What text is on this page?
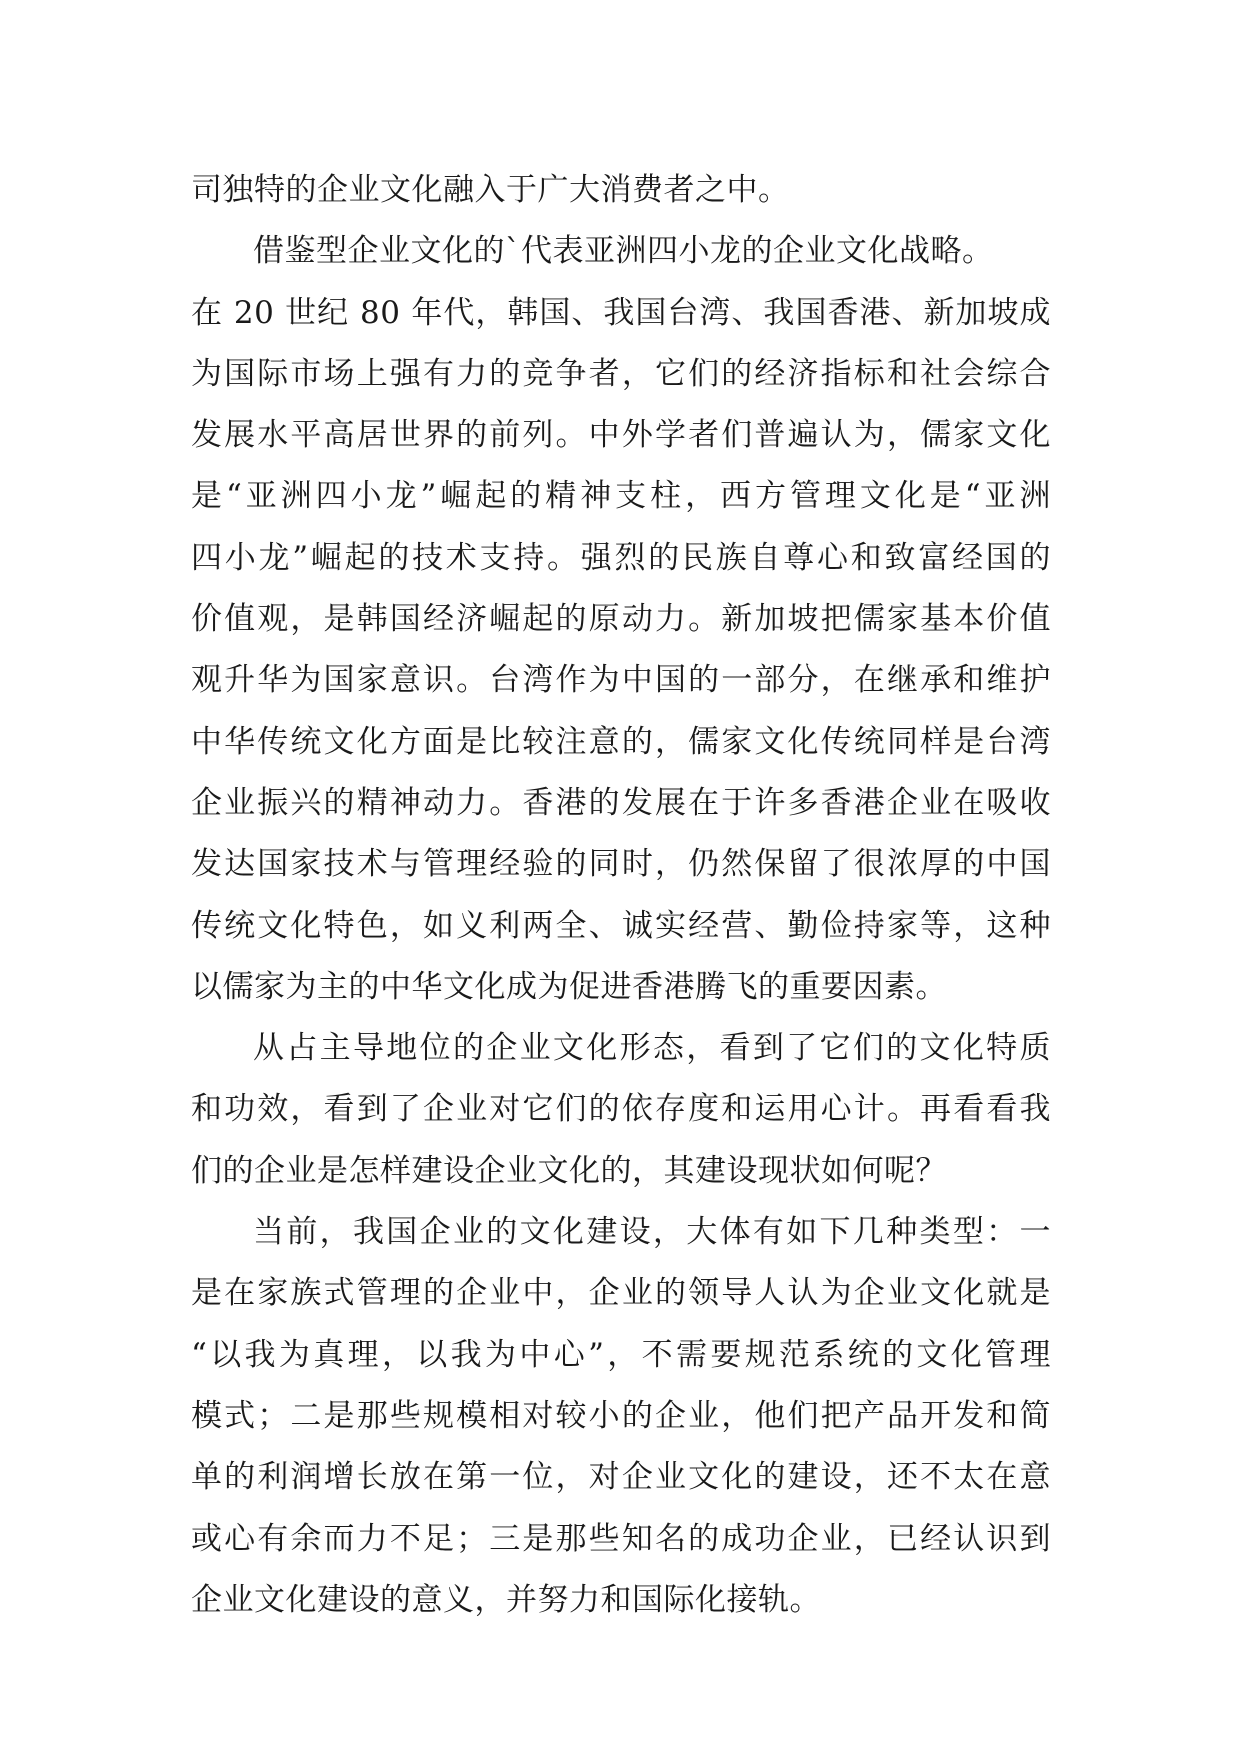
司独特的企业文化融入于广大消费者之中。
借鉴型企业文化的`代表亚洲四小龙的企业文化战略。
在 20 世纪 80 年代，韩国、我国台湾、我国香港、新加坡成
为国际市场上强有力的竞争者，它们的经济指标和社会综合
发展水平高居世界的前列。中外学者们普遍认为，儒家文化
是“亚洲四小龙”崛起的精神支柱，西方管理文化是“亚洲
四小龙”崛起的技术支持。强烈的民族自尊心和致富经国的
价值观，是韩国经济崛起的原动力。新加坡把儒家基本价值
观升华为国家意识。台湾作为中国的一部分，在继承和维护
中华传统文化方面是比较注意的，儒家文化传统同样是台湾
企业振兴的精神动力。香港的发展在于许多香港企业在吸收
发达国家技术与管理经验的同时，仍然保留了很浓厚的中国
传统文化特色，如义利两全、诚实经营、勤俭持家等，这种
以儒家为主的中华文化成为促进香港腾飞的重要因素。
从占主导地位的企业文化形态，看到了它们的文化特质
和功效，看到了企业对它们的依存度和运用心计。再看看我
们的企业是怎样建设企业文化的，其建设现状如何呢？
当前，我国企业的文化建设，大体有如下几种类型：一
是在家族式管理的企业中，企业的领导人认为企业文化就是
“以我为真理，以我为中心”，不需要规范系统的文化管理
模式；二是那些规模相对较小的企业，他们把产品开发和简
单的利润增长放在第一位，对企业文化的建设，还不太在意
或心有余而力不足；三是那些知名的成功企业，已经认识到
企业文化建设的意义，并努力和国际化接轨。
